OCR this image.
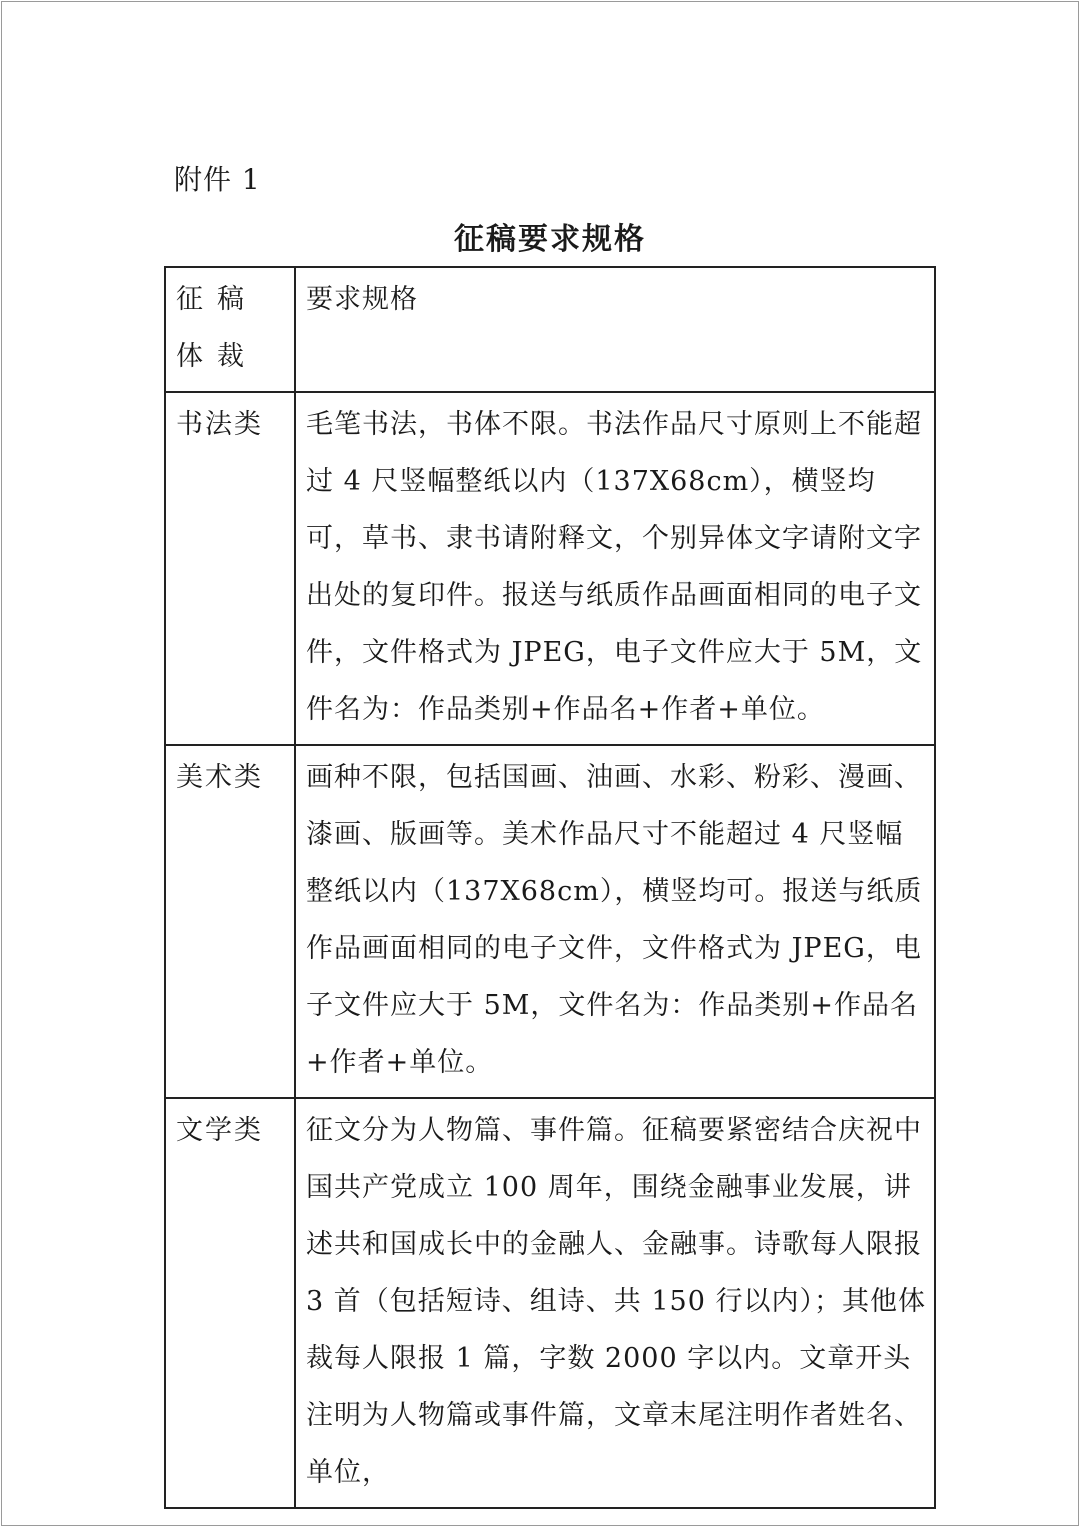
附件 1
征稿要求规格
征稿体裁	要求规格
书法类	毛笔书法，书体不限。书法作品尺寸原则上不能超过 4 尺竖幅整纸以内（137X68cm），横竖均可，草书、隶书请附释文，个别异体文字请附文字出处的复印件。报送与纸质作品画面相同的电子文件，文件格式为 JPEG，电子文件应大于 5M，文件名为：作品类别+作品名+作者+单位。
美术类	画种不限，包括国画、油画、水彩、粉彩、漫画、漆画、版画等。美术作品尺寸不能超过 4 尺竖幅整纸以内（137X68cm），横竖均可。报送与纸质作品画面相同的电子文件，文件格式为 JPEG，电子文件应大于 5M，文件名为：作品类别+作品名+作者+单位。
文学类	征文分为人物篇、事件篇。征稿要紧密结合庆祝中国共产党成立 100 周年，围绕金融事业发展，讲述共和国成长中的金融人、金融事。诗歌每人限报 3 首（包括短诗、组诗、共 150 行以内）；其他体裁每人限报 1 篇，字数 2000 字以内。文章开头注明为人物篇或事件篇，文章末尾注明作者姓名、单位，
